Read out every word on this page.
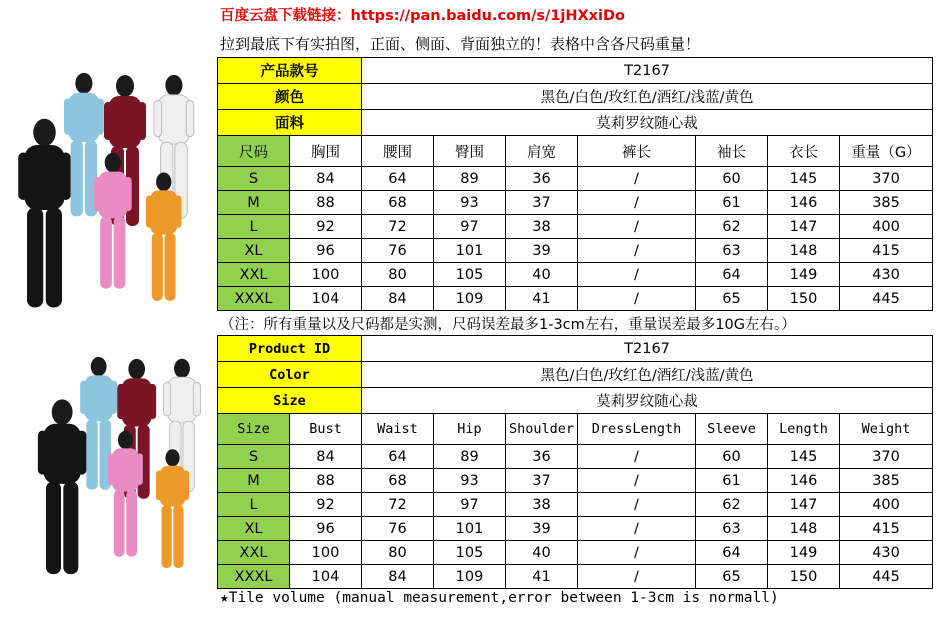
百度云盘下载链接：https://pan.baidu.com/s/1jHXxiDo
拉到最底下有实拍图，正面、侧面、背面独立的！表格中含各尺码重量！
产品款号		T2167						
颜色		黑色/白色/玫红色/酒红/浅蓝/黄色						
面料		莫莉罗纹随心裁						
尺码	胸围	腰围	臀围	肩宽	裤长	袖长	衣长	重量（G）
S	84	64	89	36	/	60	145	370
M	88	68	93	37	/	61	146	385
L	92	72	97	38	/	62	147	400
XL	96	76	101	39	/	63	148	415
XXL	100	80	105	40	/	64	149	430
XXXL	104	84	109	41	/	65	150	445
（注：所有重量以及尺码都是实测，尺码误差最多1-3cm左右，重量误差最多10G左右。）
Product ID		T2167						
Color		黑色/白色/玫红色/酒红/浅蓝/黄色						
Size		莫莉罗纹随心裁						
Size	Bust	Waist	Hip	Shoulder	DressLength	Sleeve	Length	Weight
S	84	64	89	36	/	60	145	370
M	88	68	93	37	/	61	146	385
L	92	72	97	38	/	62	147	400
XL	96	76	101	39	/	63	148	415
XXL	100	80	105	40	/	64	149	430
XXXL	104	84	109	41	/	65	150	445
★Tile volume (manual measurement,error between 1-3cm is normall)
